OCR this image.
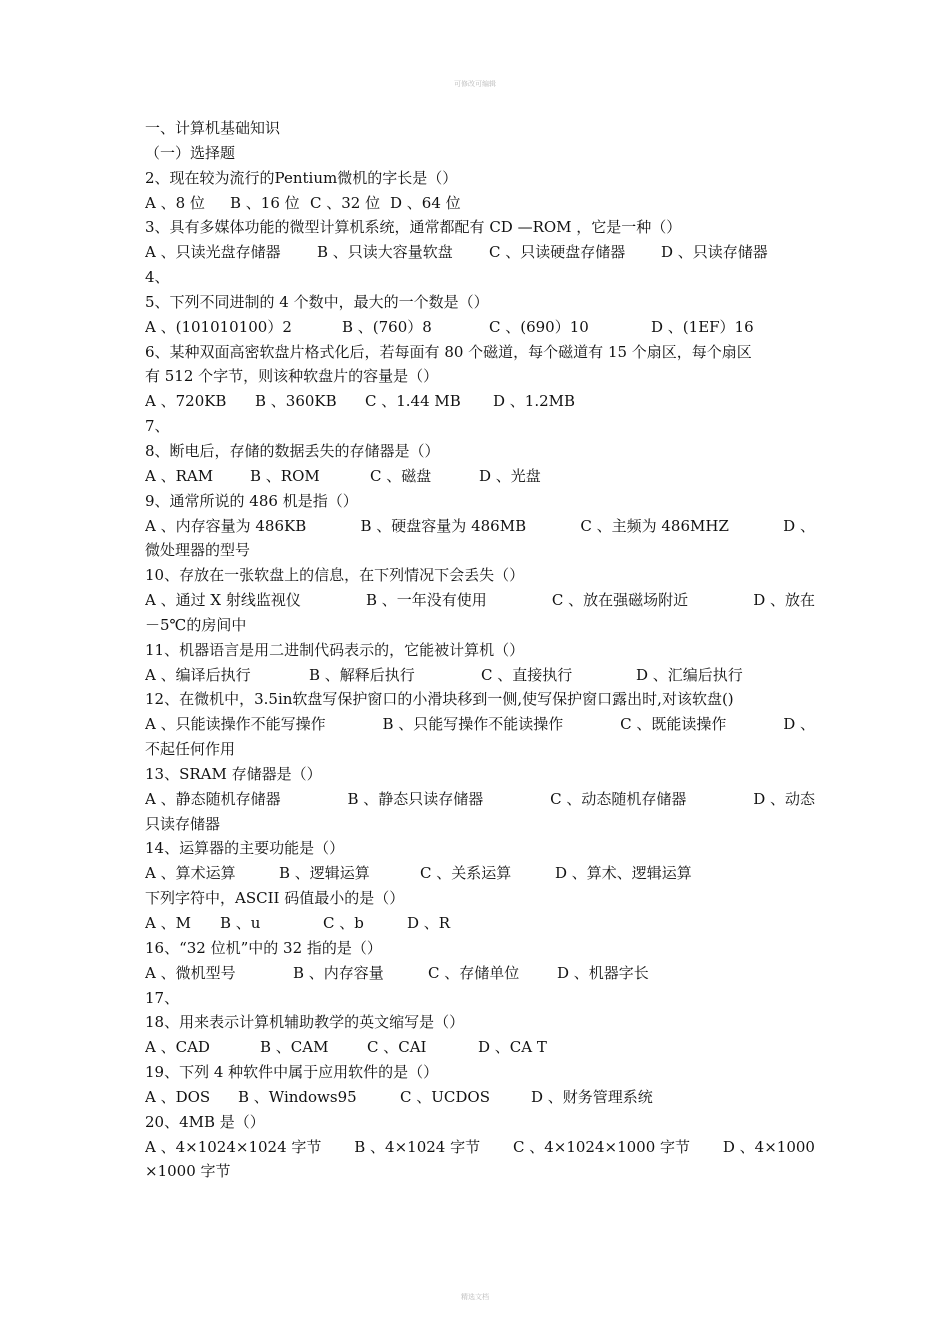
可修改可编辑
一、计算机基础知识
（一）选择题
2、现在较为流行的Pentium微机的字长是（）
A 、8 位	B 、16 位 C 、32 位 D 、64 位
3、具有多媒体功能的微型计算机系统，通常都配有 CD —ROM ，它是一种（）
A 、只读光盘存储器	B 、只读大容量软盘	C 、只读硬盘存储器	D 、只读存储器
4、
5、下列不同进制的 4 个数中，最大的一个数是（）
A 、(101010100）2	B 、(760）8	C 、(690）10	D 、(1EF）16
6、某种双面高密软盘片格式化后，若每面有 80 个磁道，每个磁道有 15 个扇区，每个扇区
有 512 个字节，则该种软盘片的容量是（）
A 、720KB	B 、360KB	C 、1.44 MB	D 、1.2MB
7、
8、断电后，存储的数据丢失的存储器是（）
A 、RAM	B 、ROM	C 、磁盘	D 、光盘
9、通常所说的 486 机是指（）
A 、内存容量为 486KB	B 、硬盘容量为 486MB	C 、主频为 486MHZ	D 、
微处理器的型号
10、存放在一张软盘上的信息，在下列情况下会丢失（）
A 、通过 X 射线监视仪	B 、一年没有使用	C 、放在强磁场附近	D 、放在
－5℃的房间中
11、机器语言是用二进制代码表示的，它能被计算机（）
A 、编译后执行	B 、解释后执行	C 、直接执行	D 、汇编后执行
12、在微机中，3.5in软盘写保护窗口的小滑块移到一侧,使写保护窗口露出时,对该软盘()
A 、只能读操作不能写操作	B 、只能写操作不能读操作	C 、既能读操作	D 、
不起任何作用
13、SRAM 存储器是（）
A 、静态随机存储器	B 、静态只读存储器	C 、动态随机存储器	D 、动态
只读存储器
14、运算器的主要功能是（）
A 、算术运算	B 、逻辑运算	C 、关系运算	D 、算术、逻辑运算
下列字符中，ASCII 码值最小的是（）
A 、M	B 、u	C 、b	D 、R
16、“32 位机”中的 32 指的是（）
A 、微机型号	B 、内存容量	C 、存储单位	D 、机器字长
17、
18、用来表示计算机辅助教学的英文缩写是（）
A 、CAD	B 、CAM	C 、CAI	D 、CA T
19、下列 4 种软件中属于应用软件的是（）
A 、DOS	B 、Windows95	C 、UCDOS	D 、财务管理系统
20、4MB 是（）
A 、4×1024×1024 字节 B 、4×1024 字节 C 、4×1024×1000 字节 D 、4×1000
×1000 字节
精选文档
